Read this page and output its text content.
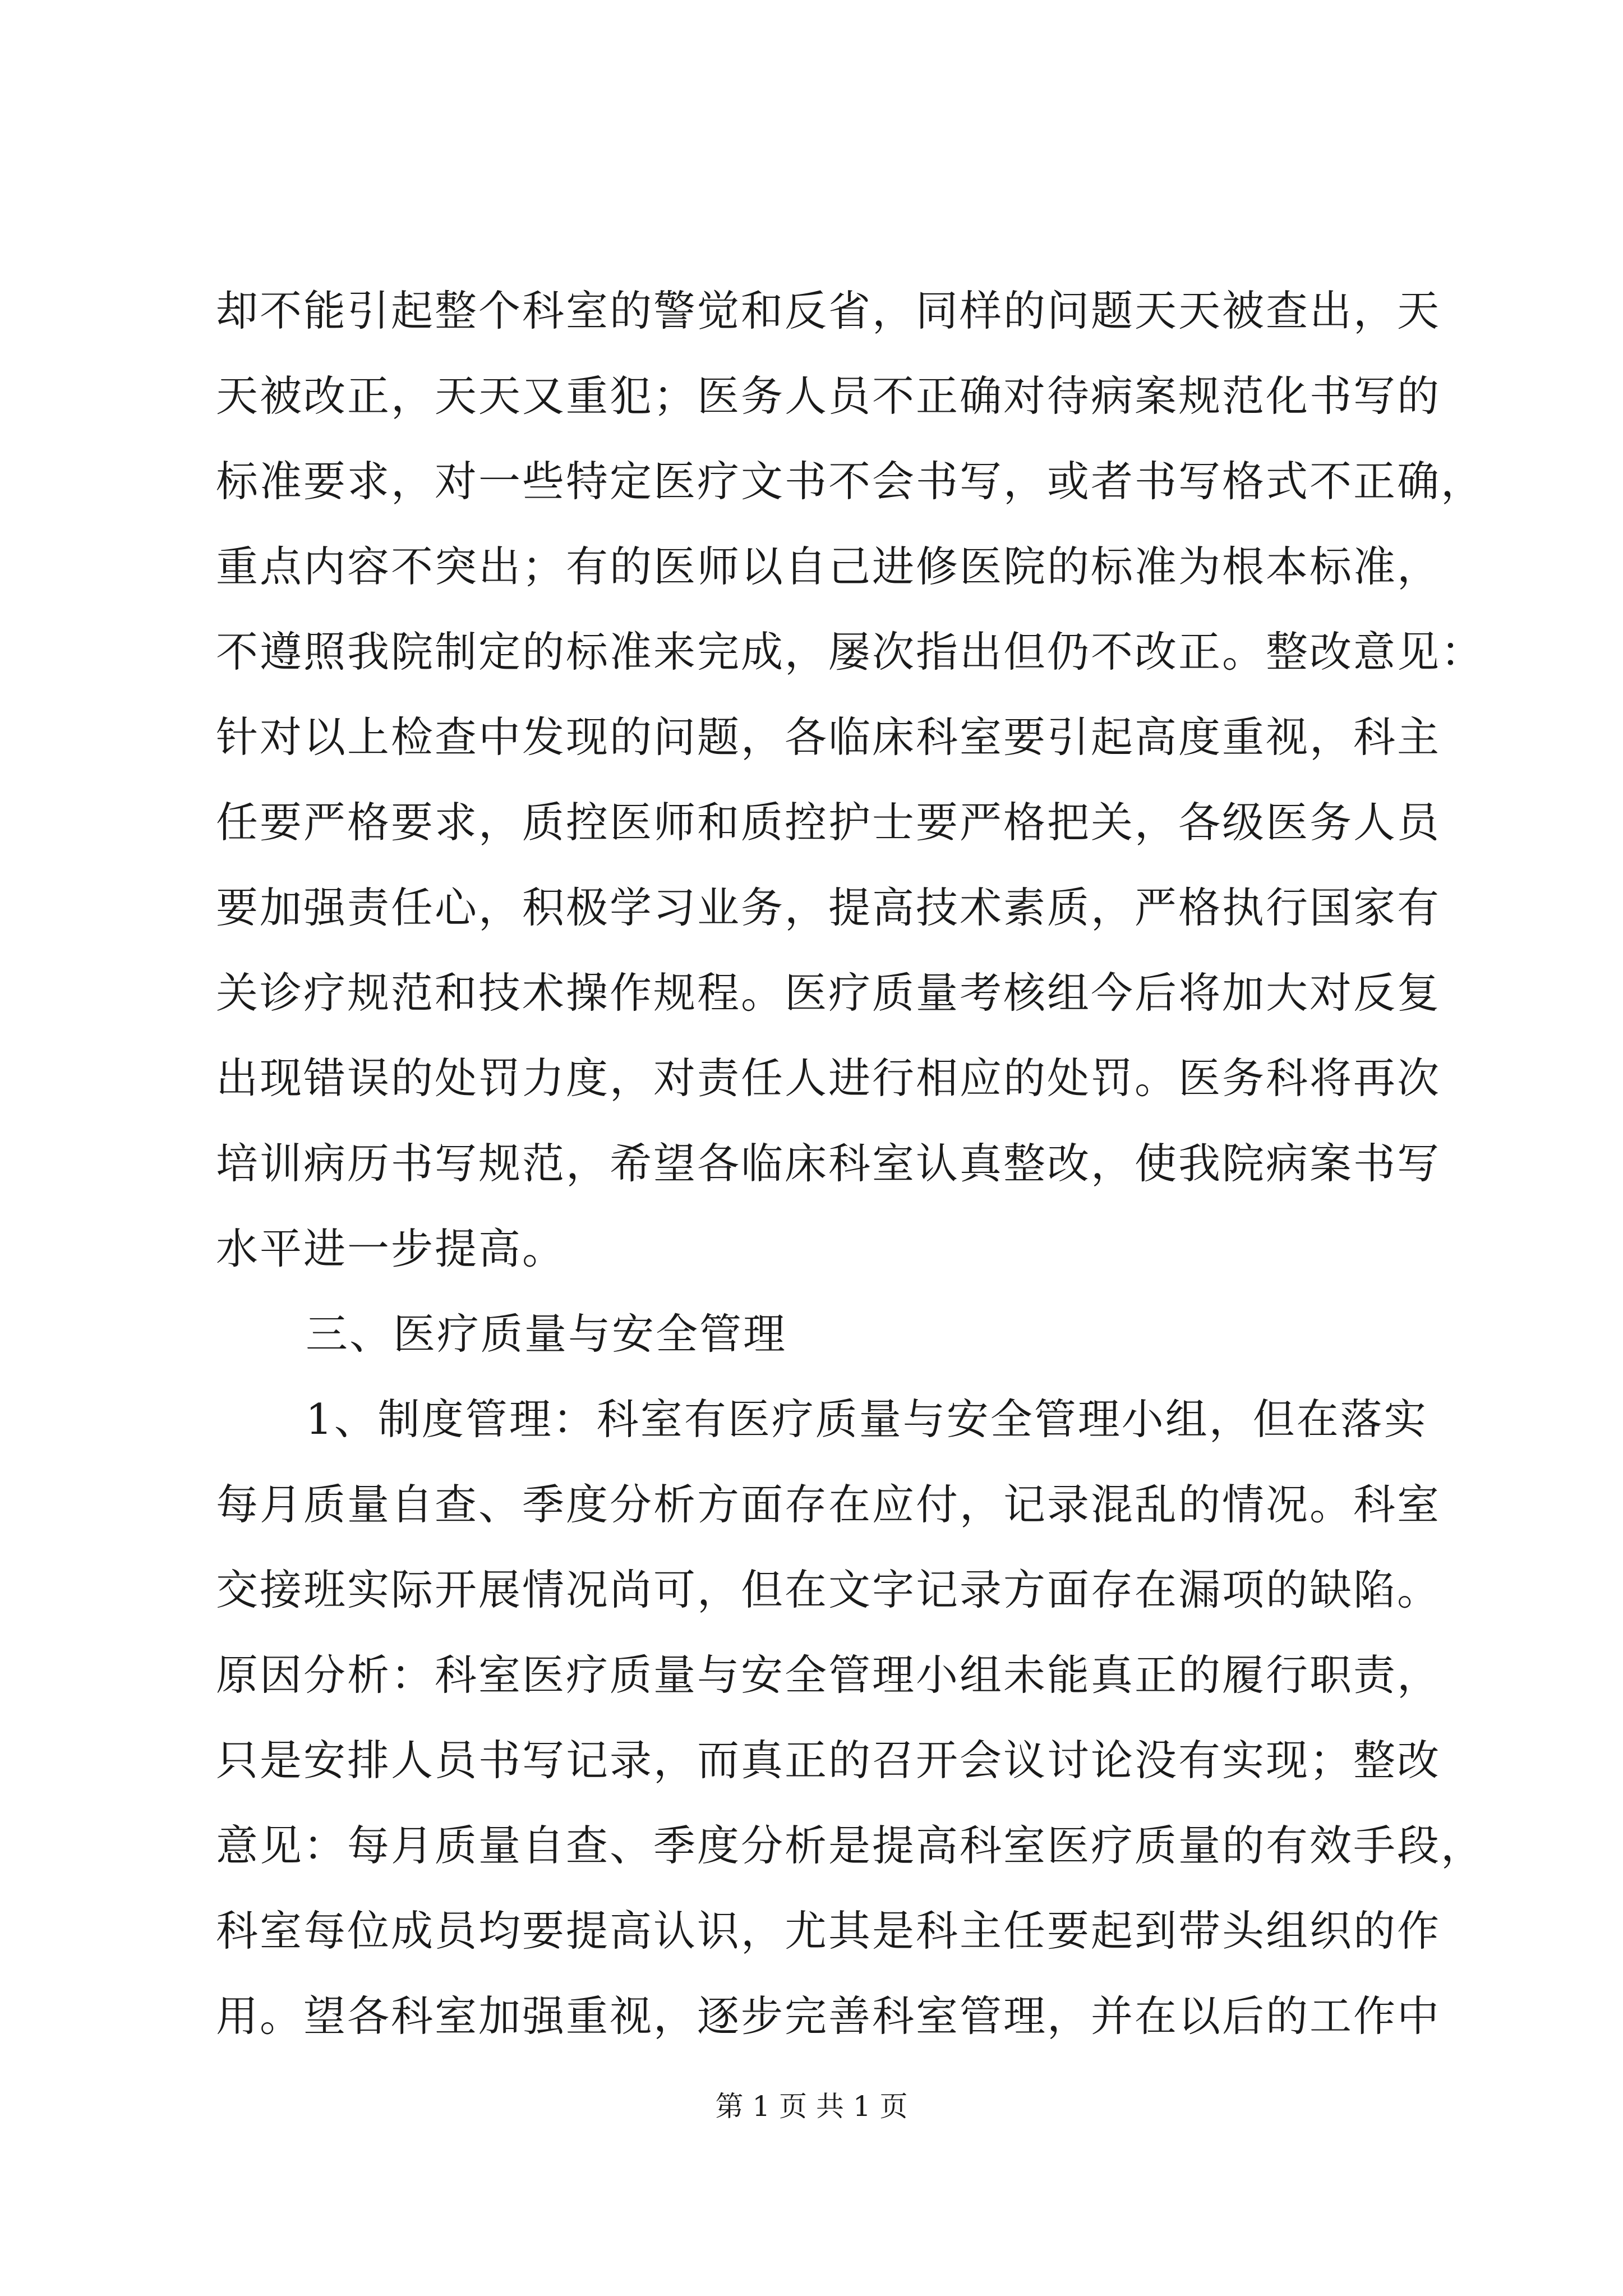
却不能引起整个科室的警觉和反省，同样的问题天天被查出，天
天被改正，天天又重犯；医务人员不正确对待病案规范化书写的
标准要求，对一些特定医疗文书不会书写，或者书写格式不正确，
重点内容不突出；有的医师以自己进修医院的标准为根本标准，
不遵照我院制定的标准来完成，屡次指出但仍不改正。整改意见：
针对以上检查中发现的问题，各临床科室要引起高度重视，科主
任要严格要求，质控医师和质控护士要严格把关，各级医务人员
要加强责任心，积极学习业务，提高技术素质，严格执行国家有
关诊疗规范和技术操作规程。医疗质量考核组今后将加大对反复
出现错误的处罚力度，对责任人进行相应的处罚。医务科将再次
培训病历书写规范，希望各临床科室认真整改，使我院病案书写
水平进一步提高。
三、医疗质量与安全管理
1、制度管理：科室有医疗质量与安全管理小组，但在落实
每月质量自查、季度分析方面存在应付，记录混乱的情况。科室
交接班实际开展情况尚可，但在文字记录方面存在漏项的缺陷。
原因分析：科室医疗质量与安全管理小组未能真正的履行职责，
只是安排人员书写记录，而真正的召开会议讨论没有实现；整改
意见：每月质量自查、季度分析是提高科室医疗质量的有效手段，
科室每位成员均要提高认识，尤其是科主任要起到带头组织的作
用。望各科室加强重视，逐步完善科室管理，并在以后的工作中
第 1 页 共 1 页
